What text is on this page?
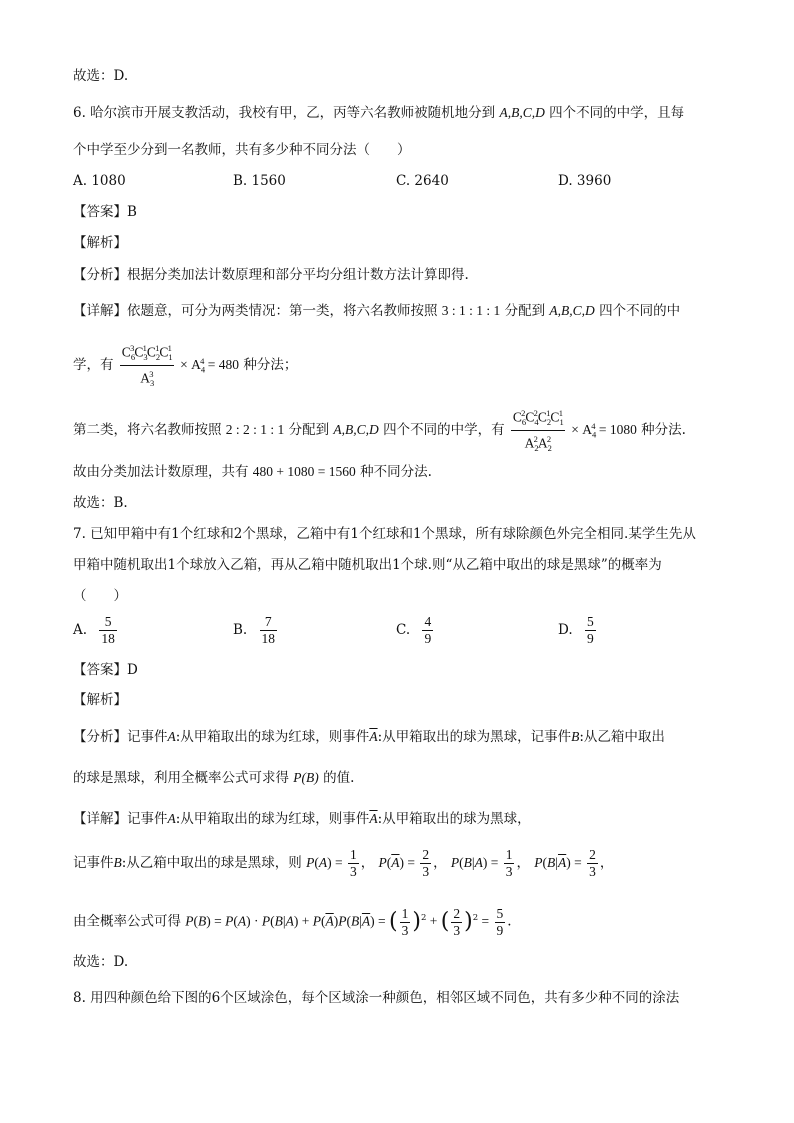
故选：D.
6. 哈尔滨市开展支教活动，我校有甲，乙，丙等六名教师被随机地分到 A,B,C,D 四个不同的中学，且每
个中学至少分到一名教师，共有多少种不同分法（　　）
A. 1080	B. 1560	C. 2640	D. 3960
【答案】B
【解析】
【分析】根据分类加法计数原理和部分平均分组计数方法计算即得.
【详解】依题意，可分为两类情况：第一类，将六名教师按照 3 : 1 : 1 : 1 分配到 A,B,C,D 四个不同的中
学，有 $\frac{C_6^3C_3^1C_2^1C_1^1}{A_3^3} \times A_4^4 = 480$ 种分法；
第二类，将六名教师按照 2 : 2 : 1 : 1 分配到 A,B,C,D 四个不同的中学，有 $\frac{C_6^2C_4^2C_2^1C_1^1}{A_2^2A_2^2} \times A_4^4 = 1080$ 种分法.
故由分类加法计数原理，共有 480 + 1080 = 1560 种不同分法.
故选：B.
7. 已知甲箱中有1个红球和2个黑球，乙箱中有1个红球和1个黑球，所有球除颜色外完全相同.某学生先从
甲箱中随机取出1个球放入乙箱，再从乙箱中随机取出1个球.则“从乙箱中取出的球是黑球”的概率为
（　　）
A. $\frac{5}{18}$	B. $\frac{7}{18}$	C. $\frac{4}{9}$	D. $\frac{5}{9}$
【答案】D
【解析】
【分析】记事件A:从甲箱取出的球为红球，则事件$\overline{A}$:从甲箱取出的球为黑球，记事件B:从乙箱中取出
的球是黑球，利用全概率公式可求得 P(B) 的值.
【详解】记事件A:从甲箱取出的球为红球，则事件$\overline{A}$:从甲箱取出的球为黑球，
记事件B:从乙箱中取出的球是黑球，则 $P(A) = \frac{1}{3}$ ， $P(\overline{A}) = \frac{2}{3}$ ， $P(B|A) = \frac{1}{3}$ ， $P(B|\overline{A}) = \frac{2}{3}$ ，
由全概率公式可得 $P(B) = P(A) \cdot P(B|A) + P(\overline{A})P(B|\overline{A})$ = ( $\frac{1}{3} )^2$ + ( $\frac{2}{3} )^2 = \frac{5}{9}$ .
故选：D.
8. 用四种颜色给下图的6个区域涂色，每个区域涂一种颜色，相邻区域不同色，共有多少种不同的涂法
